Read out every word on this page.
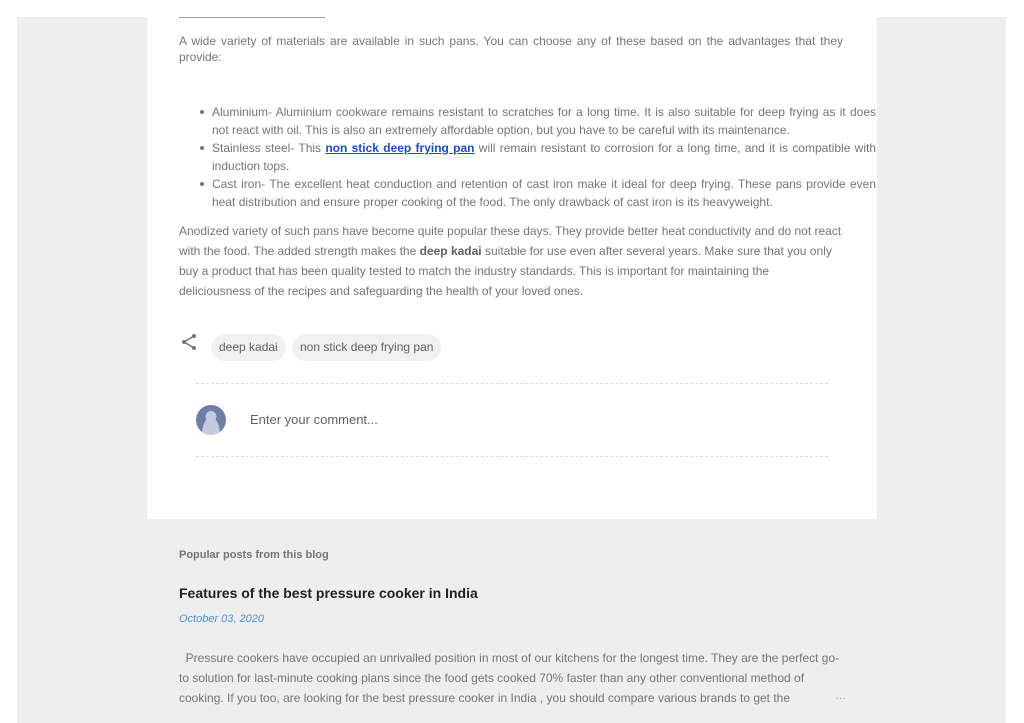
A wide variety of materials are available in such pans. You can choose any of these based on the advantages that they provide:
Aluminium- Aluminium cookware remains resistant to scratches for a long time. It is also suitable for deep frying as it does not react with oil. This is also an extremely affordable option, but you have to be careful with its maintenance.
Stainless steel- This non stick deep frying pan will remain resistant to corrosion for a long time, and it is compatible with induction tops.
Cast iron- The excellent heat conduction and retention of cast iron make it ideal for deep frying. These pans provide even heat distribution and ensure proper cooking of the food. The only drawback of cast iron is its heavyweight.
Anodized variety of such pans have become quite popular these days. They provide better heat conductivity and do not react with the food. The added strength makes the deep kadai suitable for use even after several years. Make sure that you only buy a product that has been quality tested to match the industry standards. This is important for maintaining the deliciousness of the recipes and safeguarding the health of your loved ones.
deep kadai	non stick deep frying pan
Enter your comment...
Popular posts from this blog
Features of the best pressure cooker in India
October 03, 2020
Pressure cookers have occupied an unrivalled position in most of our kitchens for the longest time. They are the perfect go-to solution for last-minute cooking plans since the food gets cooked 70% faster than any other conventional method of cooking. If you too, are looking for the best pressure cooker in India , you should compare various brands to get the	…
